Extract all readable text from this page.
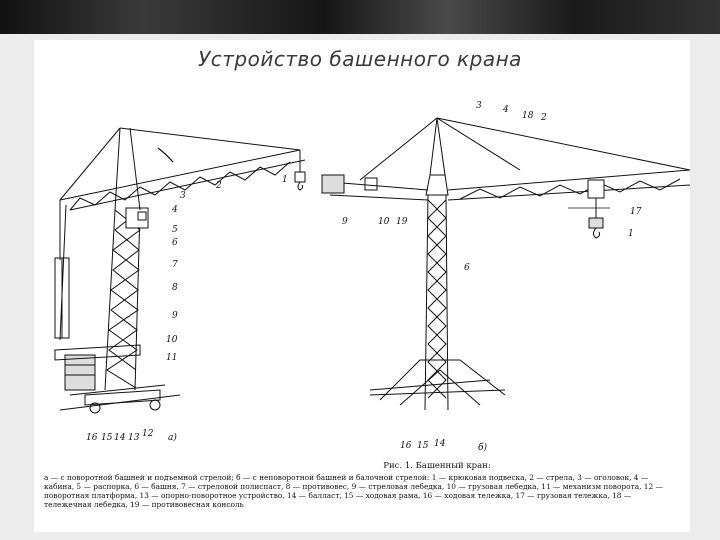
Устройство башенного крана
1
2
3
4
5
6
7
8
9
10
11
16 15 14 13 12 а)
3 4
18 2
17
1
6
9	10 19
16 15 14	б)
Рис. 1. Башенный кран:
а — с поворотной башней и подъемной стрелой; б — с неповоротной башней и балочной стрелой: 1 — крюковая подвеска, 2 — стрела, 3 — оголовок, 4 — кабина, 5 — распорка, 6 — башня, 7 — стреловой полиспаст, 8 — противовес, 9 — стреловая лебедка, 10 — грузовая лебедка, 11 — механизм поворота, 12 — поворотная платформа, 13 — опорно-поворотное устройство, 14 — балласт, 15 — ходовая рама, 16 — ходовая тележка, 17 — грузовая тележка, 18 — тележечная лебедка, 19 — противовесная консоль
